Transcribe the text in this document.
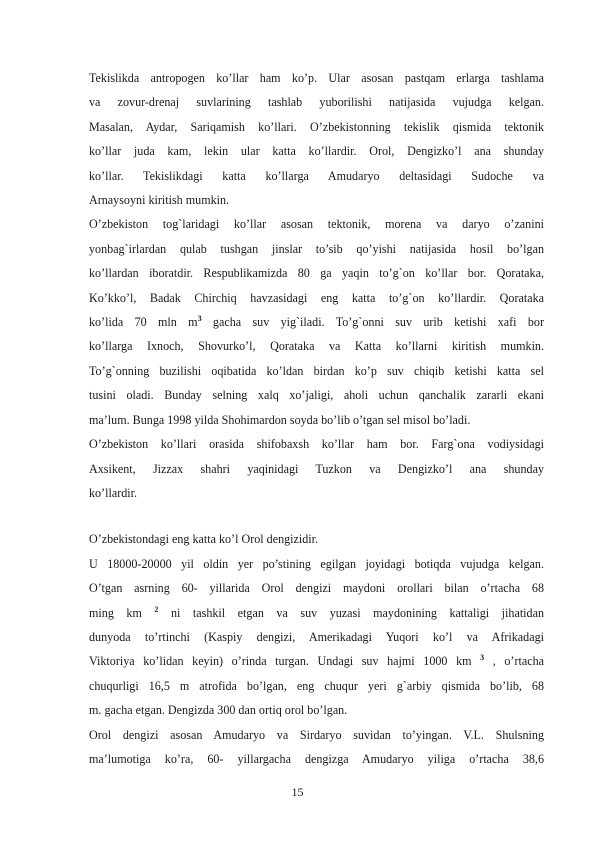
Tekislikda antropogen ko’llar ham ko’p. Ular asosan pastqam erlarga tashlama
va zovur-drenaj suvlarining tashlab yuborilishi natijasida vujudga kelgan.
Masalan, Aydar, Sariqamish ko’llari. O’zbekistonning tekislik qismida tektonik
ko’llar juda kam, lekin ular katta ko’llardir. Orol, Dengizko’l ana shunday
ko’llar. Tekislikdagi katta ko’llarga Amudaryo deltasidagi Sudoche va
Arnaysoyni kiritish mumkin.

O’zbekiston tog`laridagi ko’llar asosan tektonik, morena va daryo o’zanini
yonbag`irlardan qulab tushgan jinslar to’sib qo’yishi natijasida hosil bo’lgan
ko’llardan iboratdir. Respublikamizda 80 ga yaqin to’g`on ko’llar bor. Qorataka,
Ko’kko’l, Badak Chirchiq havzasidagi eng katta to’g`on ko’llardir. Qorataka
ko’lida 70 mln $m^3$ gacha suv yig`iladi. To’g`onni suv urib ketishi xafi bor
ko’llarga Ixnoch, Shovurko’l, Qorataka va Katta ko’llarni kiritish mumkin.
To’g`onning buzilishi oqibatida ko’ldan birdan ko’p suv chiqib ketishi katta sel
tusini oladi. Bunday selning xalq xo’jaligi, aholi uchun qanchalik zararli ekani
ma’lum. Bunga 1998 yilda Shohimardon soyda bo’lib o’tgan sel misol bo’ladi.

O’zbekiston ko’llari orasida shifobaxsh ko’llar ham bor. Farg`ona vodiysidagi
Axsikent, Jizzax shahri yaqinidagi Tuzkon va Dengizko’l ana shunday
ko’llardir.

O’zbekistondagi eng katta ko’l Orol dengizidir.

U 18000-20000 yil oldin yer po’stining egilgan joyidagi botiqda vujudga kelgan.
O’tgan asrning 60- yillarida Orol dengizi maydoni orollari bilan o’rtacha 68
ming km $^2$ ni tashkil etgan va suv yuzasi maydonining kattaligi jihatidan
dunyoda to’rtinchi (Kaspiy dengizi, Amerikadagi Yuqori ko’l va Afrikadagi
Viktoriya ko’lidan keyin) o’rinda turgan. Undagi suv hajmi 1000 km $^3$ , o’rtacha
chuqurligi 16,5 m atrofida bo’lgan, eng chuqur yeri g`arbiy qismida bo’lib, 68
m. gacha etgan. Dengizda 300 dan ortiq orol bo’lgan.
Orol dengizi asosan Amudaryo va Sirdaryo suvidan to’yingan. V.L. Shulsning
ma’lumotiga ko’ra, 60- yillargacha dengizga Amudaryo yiliga o’rtacha 38,6

15
